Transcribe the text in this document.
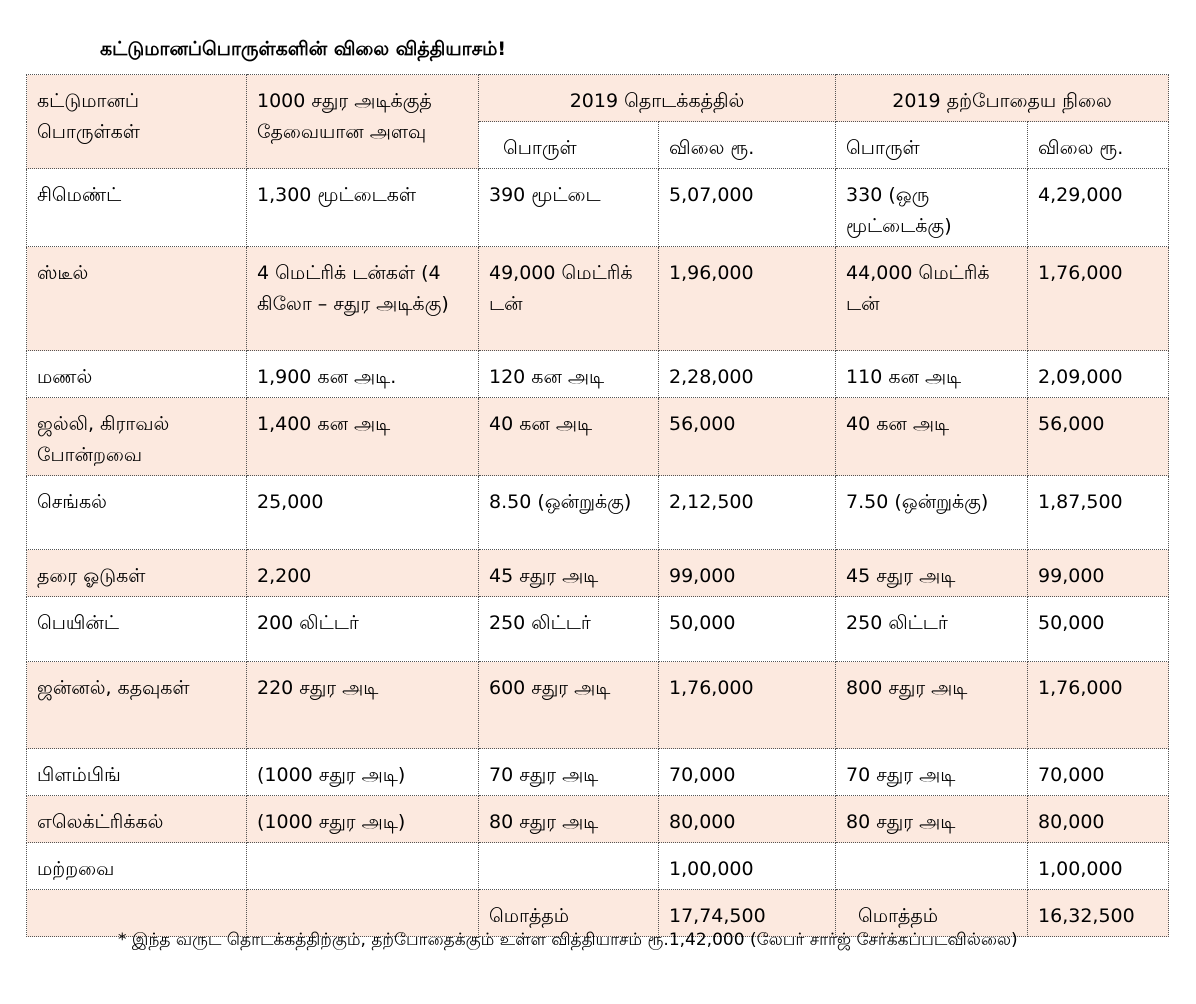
கட்டுமானப்பொருள்களின் விலை வித்தியாசம்!
கட்டுமானப் பொருள்கள்	1000 சதுர அடிக்குத் தேவையான அளவு	2019 தொடக்கத்தில்		2019 தற்போதைய நிலை	
		பொருள்	விலை ரூ.	பொருள்	விலை ரூ.
சிமெண்ட்	1,300 மூட்டைகள்	390 மூட்டை	5,07,000	330 (ஒரு மூட்டைக்கு)	4,29,000
ஸ்டீல்	4 மெட்ரிக் டன்கள் (4 கிலோ – சதுர அடிக்கு)	49,000 மெட்ரிக் டன்	1,96,000	44,000 மெட்ரிக் டன்	1,76,000
மணல்	1,900 கன அடி.	120 கன அடி	2,28,000	110 கன அடி	2,09,000
ஜல்லி, கிராவல் போன்றவை	1,400 கன அடி	40 கன அடி	56,000	40 கன அடி	56,000
செங்கல்	25,000	8.50 (ஒன்றுக்கு)	2,12,500	7.50 (ஒன்றுக்கு)	1,87,500
தரை ஓடுகள்	2,200	45 சதுர அடி	99,000	45 சதுர அடி	99,000
பெயின்ட்	200 லிட்டர்	250 லிட்டர்	50,000	250 லிட்டர்	50,000
ஜன்னல், கதவுகள்	220 சதுர அடி	600 சதுர அடி	1,76,000	800 சதுர அடி	1,76,000
பிளம்பிங்	(1000 சதுர அடி)	70 சதுர அடி	70,000	70 சதுர அடி	70,000
எலெக்ட்ரிக்கல்	(1000 சதுர அடி)	80 சதுர அடி	80,000	80 சதுர அடி	80,000
மற்றவை			1,00,000		1,00,000
		மொத்தம்	17,74,500	மொத்தம்	16,32,500
* இந்த வருட தொடக்கத்திற்கும், தற்போதைக்கும் உள்ள வித்தியாசம் ரூ.1,42,000 (லேபர் சார்ஜ் சேர்க்கப்படவில்லை)
